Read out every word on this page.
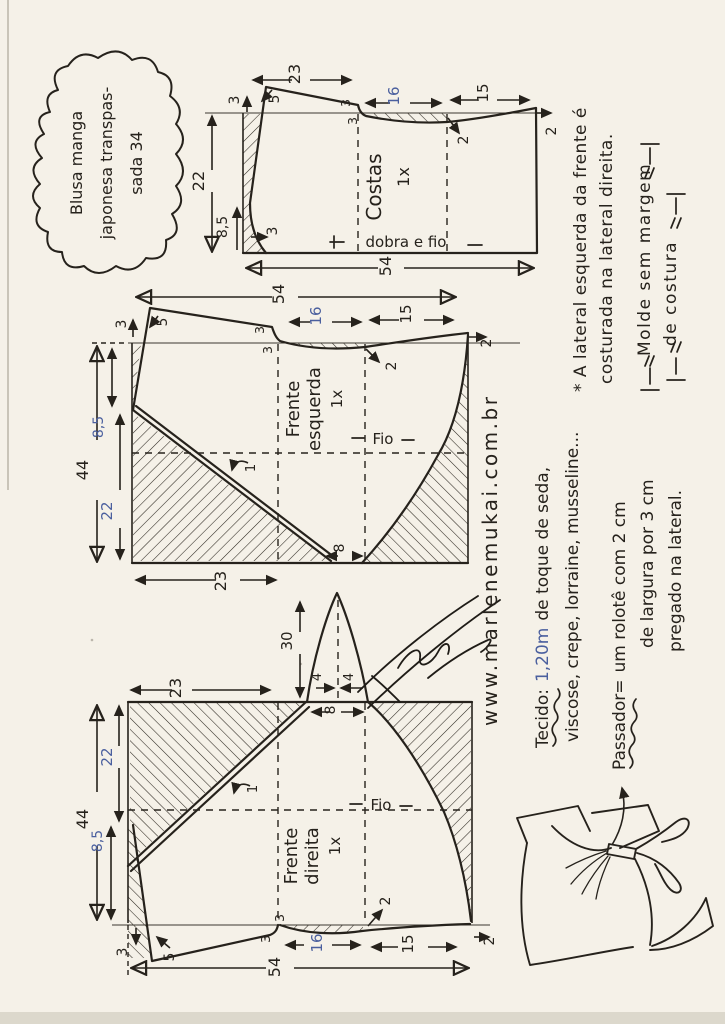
Blusa manga japonesa transpas- sada 34
23
3 5	3
3
16	15
2
2
22
8,5 3
54
Costas 1x
dobra e fio
54
3 5
3
3
16	15
2
2
44
8,5
22
23
8
1
Frente esquerda 1x
Fio
30
4 4
8
23
22
44
8,5
3
5
3
3 16	15
2
2
54
1
Frente direita 1x
Fio
www.marlenemukai.com.br
* A lateral esquerda da frente é costurada na lateral direita. Molde sem margem de costura
Tecido:1,20mde toque de seda, viscose, crepe, lorraine, musseline... Passador=um rolotê com 2 cm de largura por 3 cm pregado na lateral.
